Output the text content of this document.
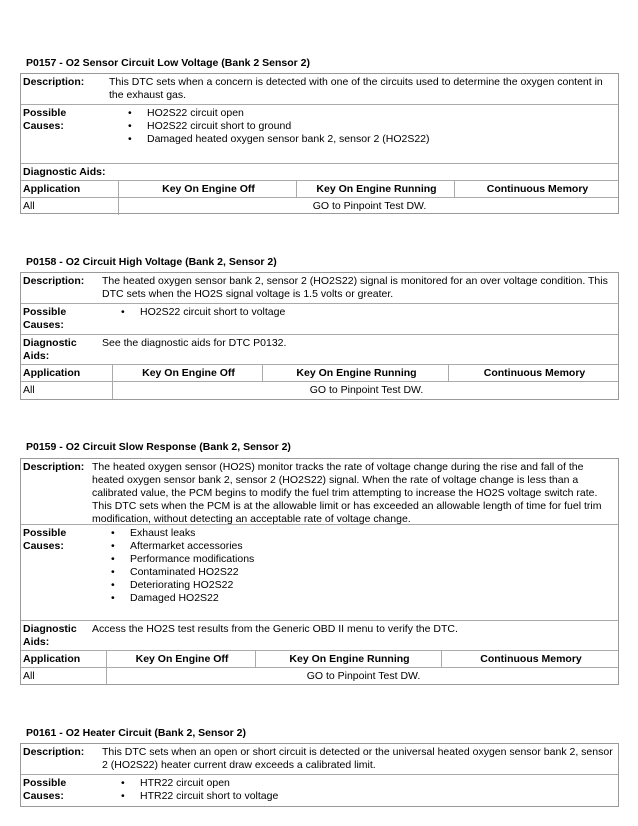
P0157 - O2 Sensor Circuit Low Voltage (Bank 2 Sensor 2)
Description: This DTC sets when a concern is detected with one of the circuits used to determine the oxygen content in
the exhaust gas.
Possible
Causes:
• HO2S22 circuit open
• HO2S22 circuit short to ground
• Damaged heated oxygen sensor bank 2, sensor 2 (HO2S22)
Diagnostic Aids:
Application	Key On Engine Off	Key On Engine Running	Continuous Memory
All	GO to Pinpoint Test DW.
P0158 - O2 Circuit High Voltage (Bank 2, Sensor 2)
Description: The heated oxygen sensor bank 2, sensor 2 (HO2S22) signal is monitored for an over voltage condition. This
DTC sets when the HO2S signal voltage is 1.5 volts or greater.
Possible
Causes:
• HO2S22 circuit short to voltage
Diagnostic
Aids:
See the diagnostic aids for DTC P0132.
Application	Key On Engine Off	Key On Engine Running	Continuous Memory
All	GO to Pinpoint Test DW.
P0159 - O2 Circuit Slow Response (Bank 2, Sensor 2)
Description: The heated oxygen sensor (HO2S) monitor tracks the rate of voltage change during the rise and fall of the
heated oxygen sensor bank 2, sensor 2 (HO2S22) signal. When the rate of voltage change is less than a
calibrated value, the PCM begins to modify the fuel trim attempting to increase the HO2S voltage switch rate.
This DTC sets when the PCM is at the allowable limit or has exceeded an allowable length of time for fuel trim
modification, without detecting an acceptable rate of voltage change.
Possible
Causes:
• Exhaust leaks
• Aftermarket accessories
• Performance modifications
• Contaminated HO2S22
• Deteriorating HO2S22
• Damaged HO2S22
Diagnostic
Aids:
Access the HO2S test results from the Generic OBD II menu to verify the DTC.
Application	Key On Engine Off	Key On Engine Running	Continuous Memory
All	GO to Pinpoint Test DW.
P0161 - O2 Heater Circuit (Bank 2, Sensor 2)
Description: This DTC sets when an open or short circuit is detected or the universal heated oxygen sensor bank 2, sensor
2 (HO2S22) heater current draw exceeds a calibrated limit.
Possible
Causes:
• HTR22 circuit open
• HTR22 circuit short to voltage
